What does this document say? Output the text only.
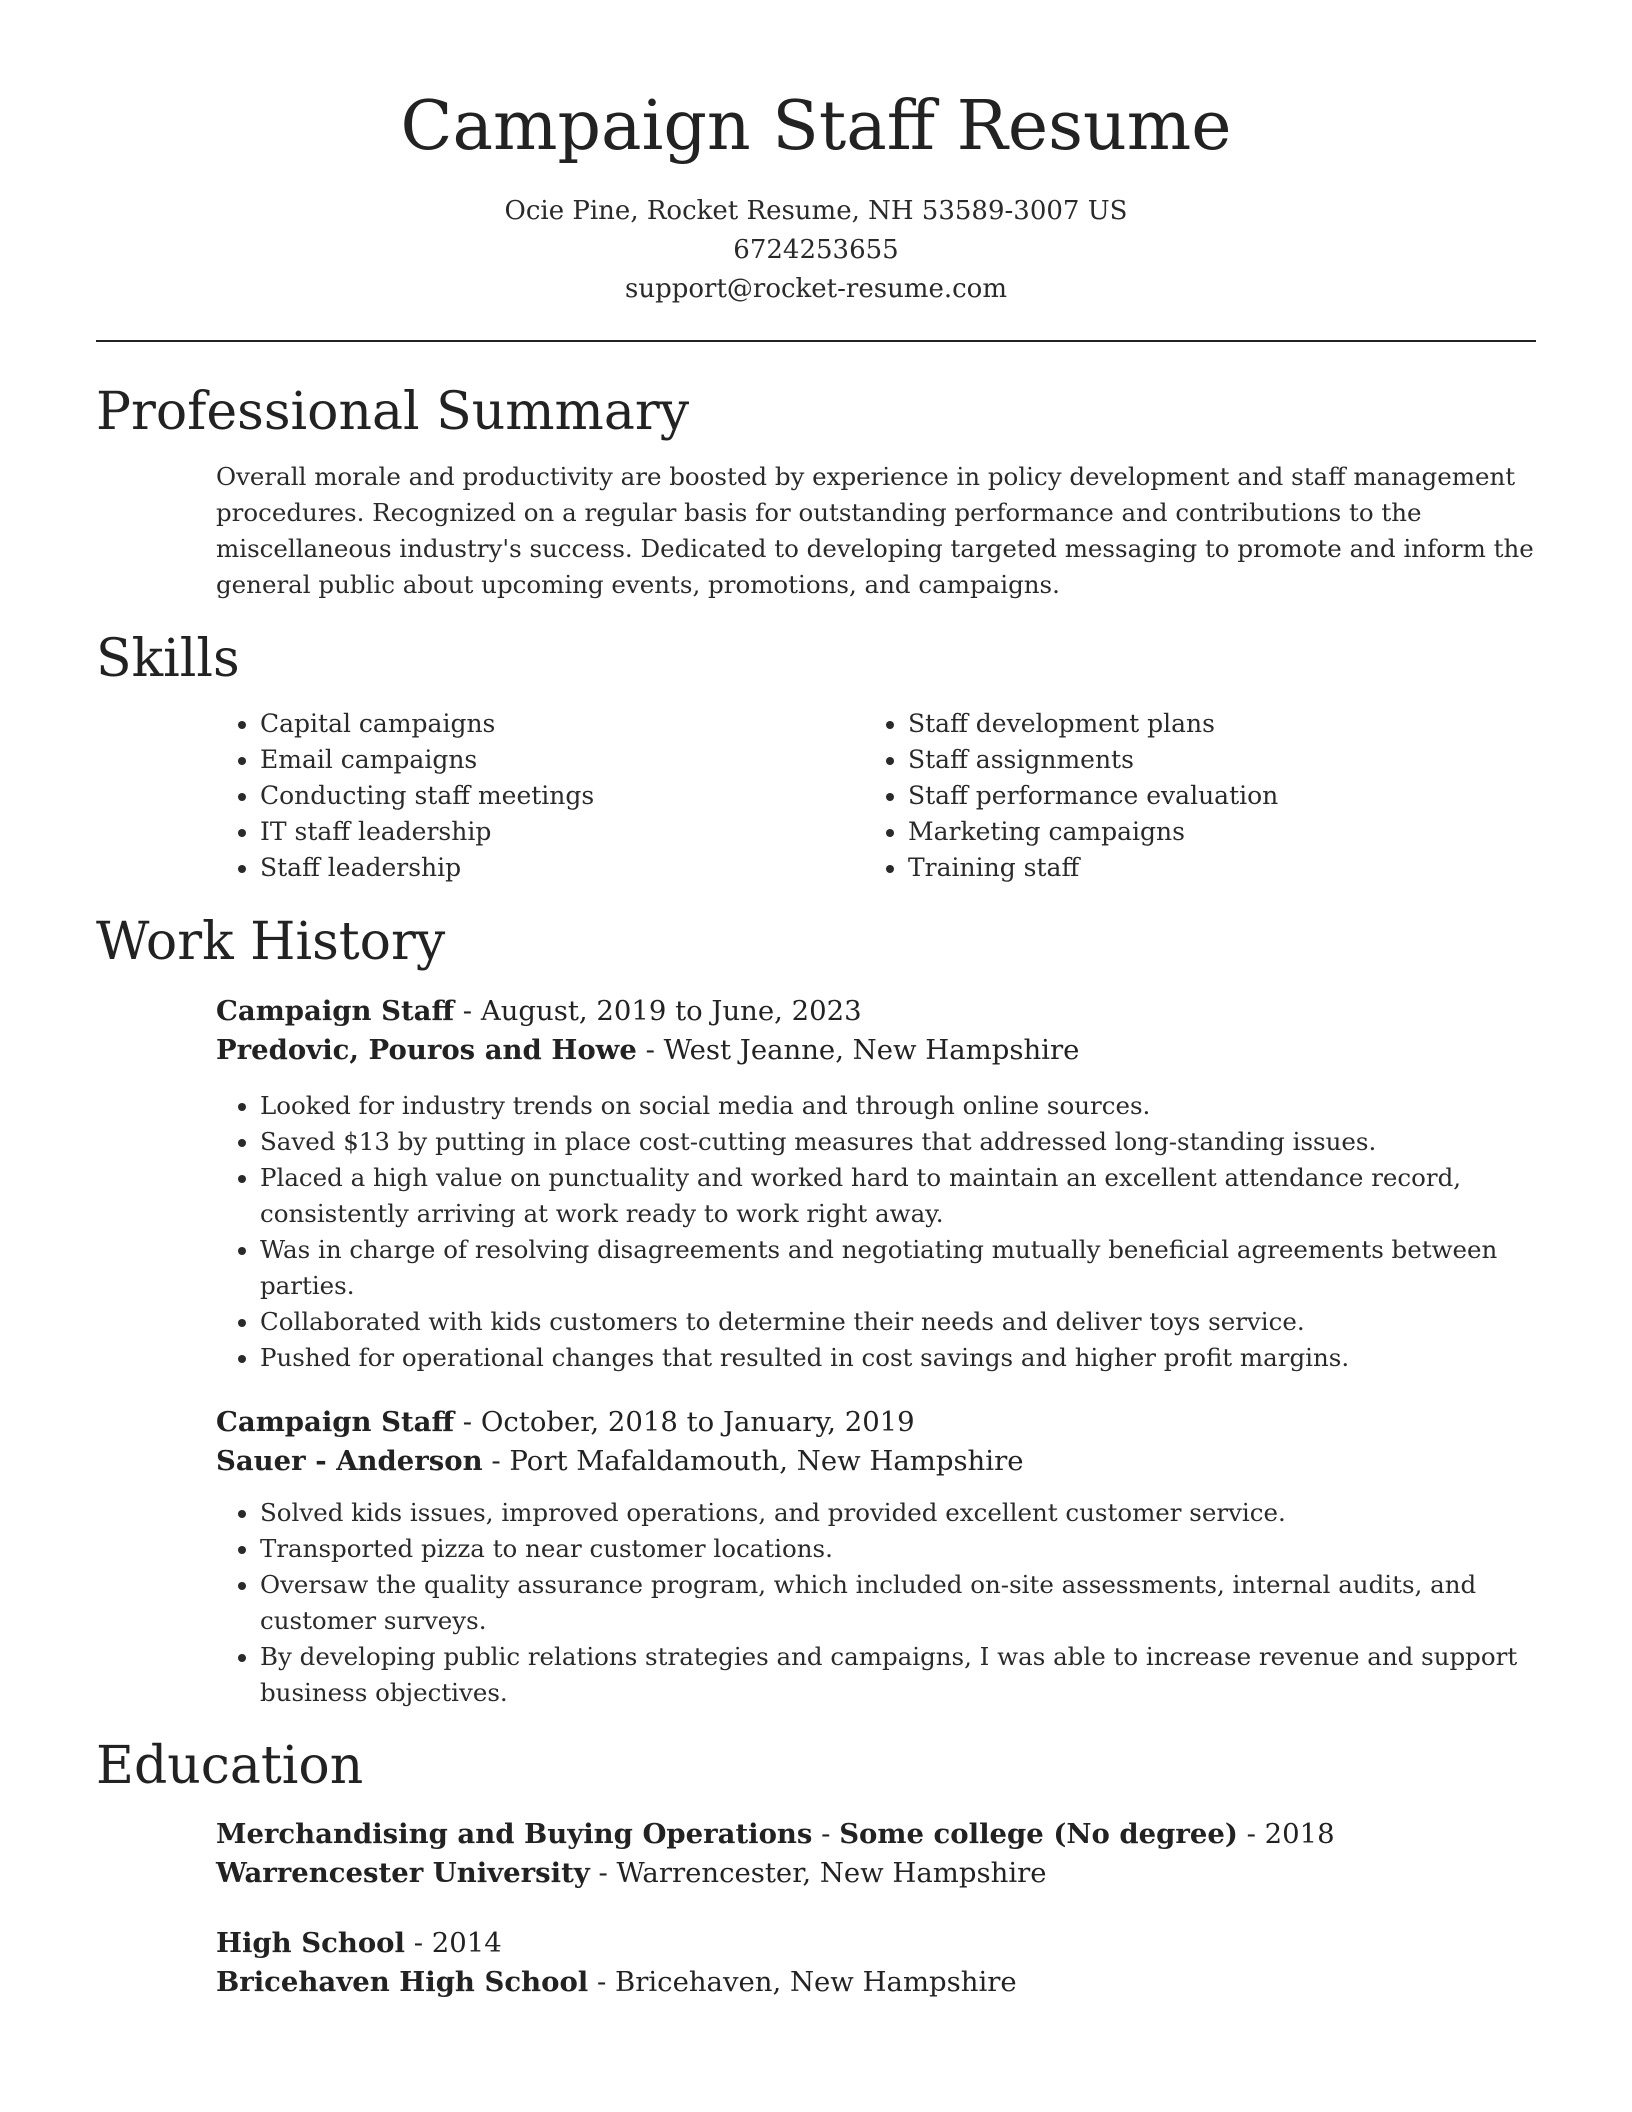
Campaign Staff Resume
Ocie Pine, Rocket Resume, NH 53589-3007 US
6724253655
support@rocket-resume.com
Professional Summary
Overall morale and productivity are boosted by experience in policy development and staff management procedures. Recognized on a regular basis for outstanding performance and contributions to the miscellaneous industry's success. Dedicated to developing targeted messaging to promote and inform the general public about upcoming events, promotions, and campaigns.
Skills
• Capital campaigns
• Email campaigns
• Conducting staff meetings
• IT staff leadership
• Staff leadership
• Staff development plans
• Staff assignments
• Staff performance evaluation
• Marketing campaigns
• Training staff
Work History
Campaign Staff - August, 2019 to June, 2023
Predovic, Pouros and Howe - West Jeanne, New Hampshire
• Looked for industry trends on social media and through online sources.
• Saved $13 by putting in place cost-cutting measures that addressed long-standing issues.
• Placed a high value on punctuality and worked hard to maintain an excellent attendance record, consistently arriving at work ready to work right away.
• Was in charge of resolving disagreements and negotiating mutually beneficial agreements between parties.
• Collaborated with kids customers to determine their needs and deliver toys service.
• Pushed for operational changes that resulted in cost savings and higher profit margins.
Campaign Staff - October, 2018 to January, 2019
Sauer - Anderson - Port Mafaldamouth, New Hampshire
• Solved kids issues, improved operations, and provided excellent customer service.
• Transported pizza to near customer locations.
• Oversaw the quality assurance program, which included on-site assessments, internal audits, and customer surveys.
• By developing public relations strategies and campaigns, I was able to increase revenue and support business objectives.
Education
Merchandising and Buying Operations - Some college (No degree) - 2018
Warrencester University - Warrencester, New Hampshire
High School - 2014
Bricehaven High School - Bricehaven, New Hampshire
